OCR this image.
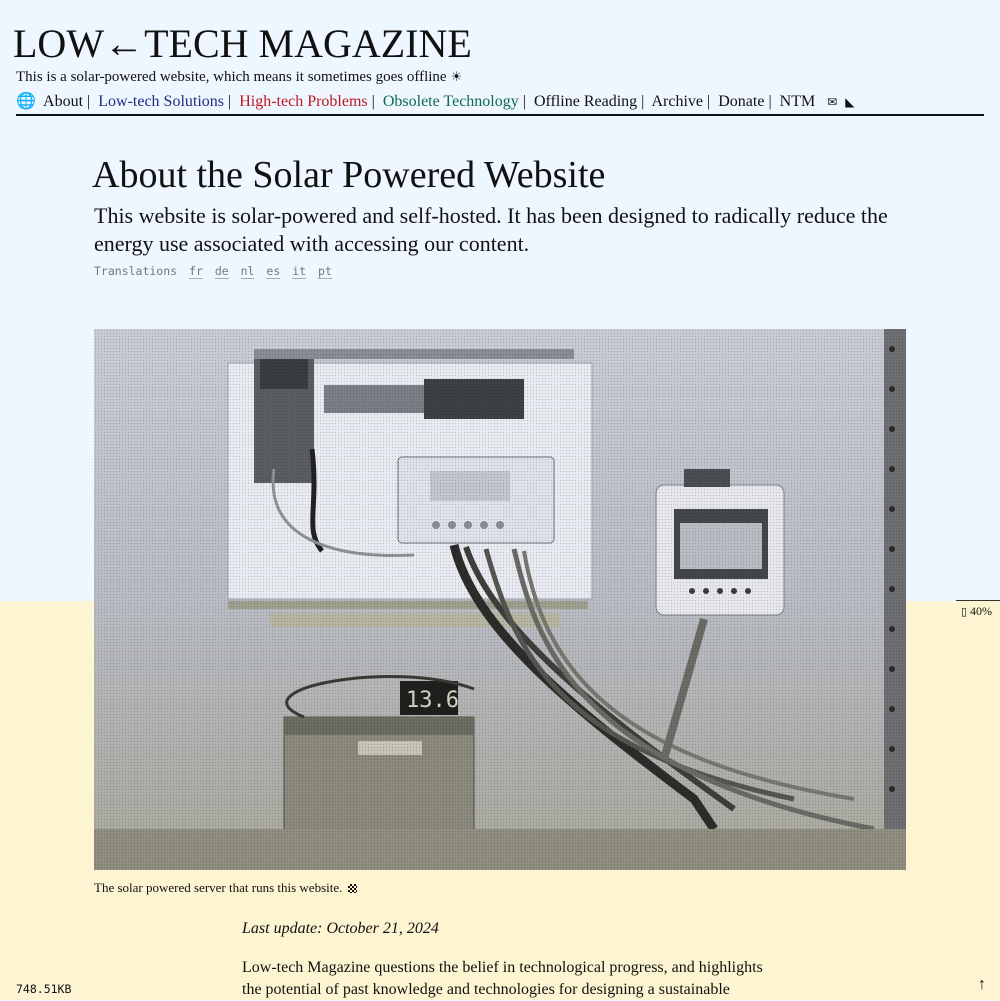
LOW←TECH MAGAZINE
This is a solar-powered website, which means it sometimes goes offline ☀
🌐 About | Low-tech Solutions | High-tech Problems | Obsolete Technology | Offline Reading | Archive | Donate | NTM ✉ ◣
About the Solar Powered Website
This website is solar-powered and self-hosted. It has been designed to radically reduce the energy use associated with accessing our content.
Translations fr de nl es it pt
The solar powered server that runs this website.
▯ 40%
Last update: October 21, 2024
Low-tech Magazine questions the belief in technological progress, and highlights the potential of past knowledge and technologies for designing a sustainable
748.51KB	↑
